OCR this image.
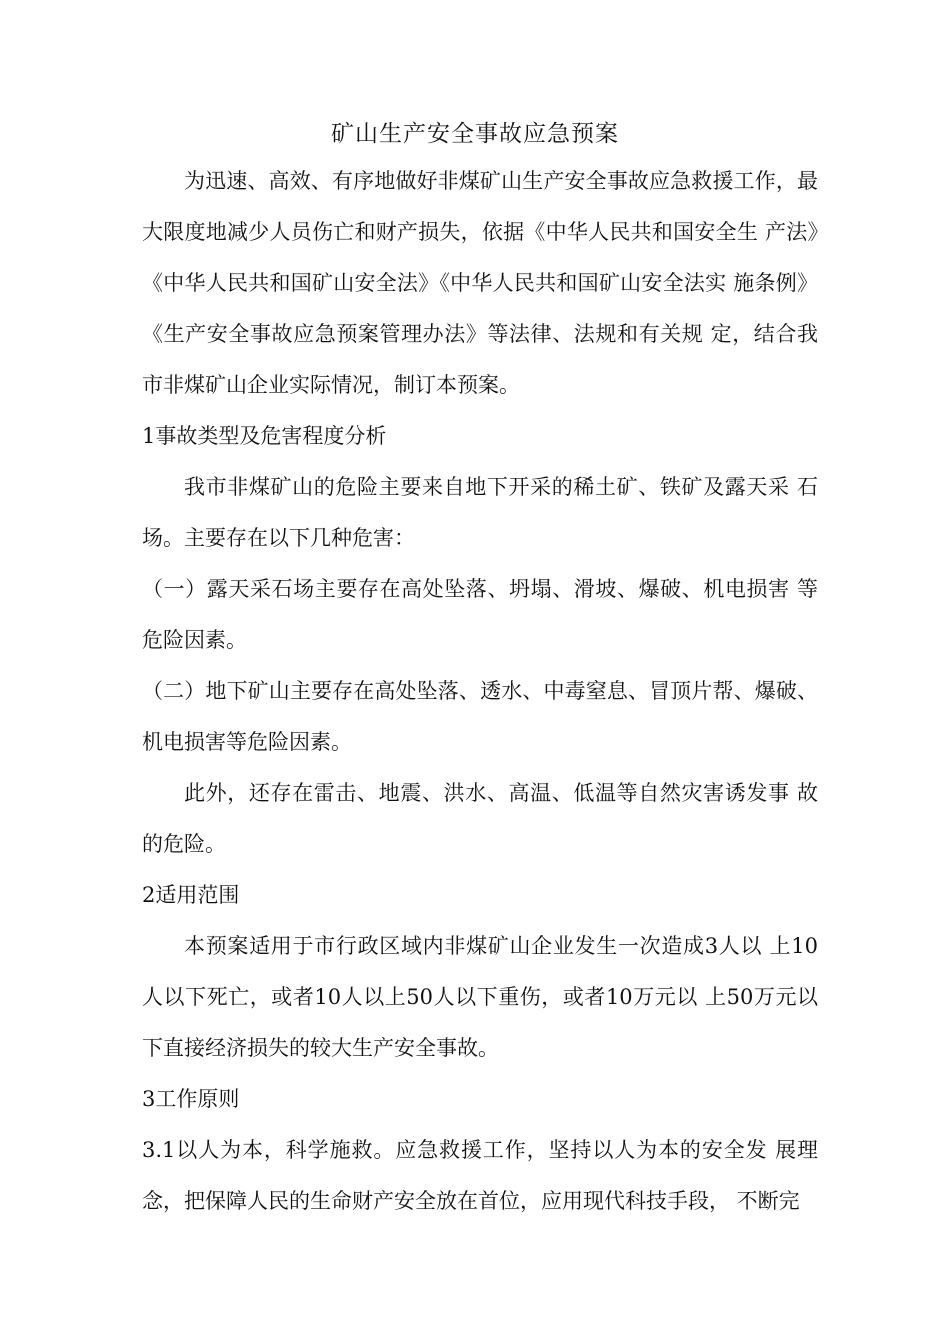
矿山生产安全事故应急预案

为迅速、高效、有序地做好非煤矿山生产安全事故应急救援工作，最大限度地减少人员伤亡和财产损失，依据《中华人民共和国安全生 产法》《中华人民共和国矿山安全法》《中华人民共和国矿山安全法实 施条例》《生产安全事故应急预案管理办法》等法律、法规和有关规 定，结合我市非煤矿山企业实际情况，制订本预案。

1事故类型及危害程度分析

我市非煤矿山的危险主要来自地下开采的稀土矿、铁矿及露天采 石场。主要存在以下几种危害：

（一）露天采石场主要存在高处坠落、坍塌、滑坡、爆破、机电损害 等危险因素。

（二）地下矿山主要存在高处坠落、透水、中毒窒息、冒顶片帮、爆破、机电损害等危险因素。

此外，还存在雷击、地震、洪水、高温、低温等自然灾害诱发事 故的危险。

2适用范围

本预案适用于市行政区域内非煤矿山企业发生一次造成3人以 上10人以下死亡，或者10人以上50人以下重伤，或者10万元以 上50万元以下直接经济损失的较大生产安全事故。

3工作原则

3.1以人为本，科学施救。应急救援工作，坚持以人为本的安全发 展理念，把保障人民的生命财产安全放在首位，应用现代科技手段， 不断完
